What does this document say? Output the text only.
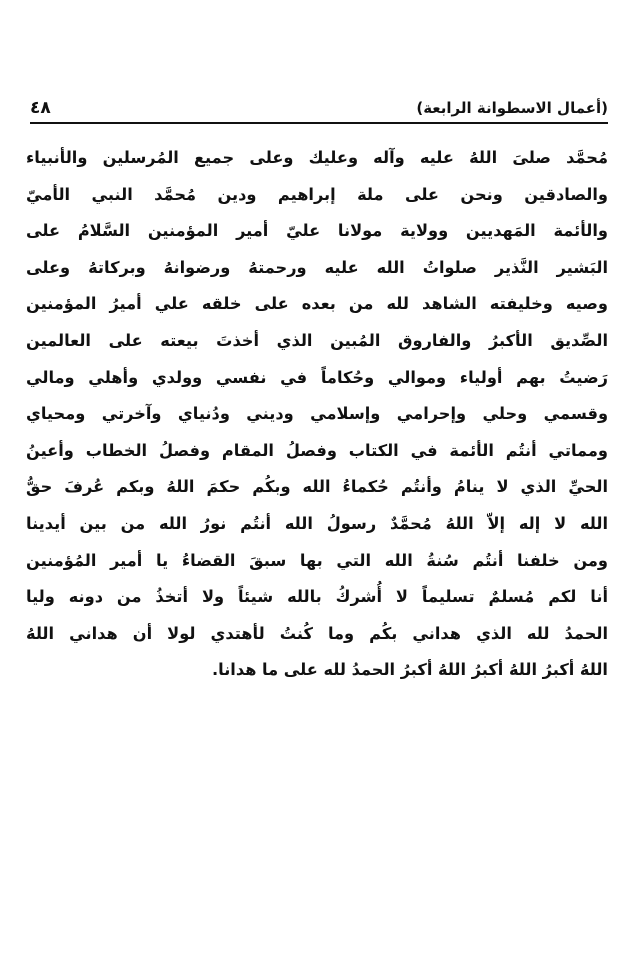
٤٨	(أعمال الاسطوانة الرابعة)
مُحمَّد صلىَ اللهُ عليه وآله وعليك وعلى جميع المُرسلين والأنبياء
والصادقين ونحن على ملة إبراهيم ودين مُحمَّد النبي الأميّ
والأئمة المَهديين وولاية مولانا عليّ أمير المؤمنين السَّلامُ على
البَشير النَّذير صلواتُ الله عليه ورحمتهُ ورضوانهُ وبركاتهُ وعلى
وصيه وخليفته الشاهد لله من بعده على خلقه علي أميرُ المؤمنين
الصِّديق الأكبرُ والفاروق المُبين الذي أخذتَ بيعته على العالمين
رَضيتُ بهم أولياء وموالي وحُكاماً في نفسي وولدي وأهلي ومالي
وقسمي وحلي وإحرامي وإسلامي وديني ودُنياي وآخرتي ومحياي
ومماتي أنتُم الأئمة في الكتاب وفصلُ المقام وفصلُ الخطاب وأعينُ
الحيِّ الذي لا ينامُ وأنتُم حُكماءُ الله وبكُم حكمَ اللهُ وبكم عُرفَ حقُّ
الله لا إله إلاّ اللهُ مُحمَّدٌ رسولُ الله أنتُم نورُ الله من بين أيدينا
ومن خلفنا أنتُم سُنةُ الله التي بها سبقَ القضاءُ يا أمير المُؤمنين
أنا لكم مُسلمٌ تسليماً لا أُشركُ بالله شيئاً ولا أتخذُ من دونه وليا
الحمدُ لله الذي هداني بكُم وما كُنتُ لأهتدي لولا أن هداني اللهُ
اللهُ أكبرُ اللهُ أكبرُ اللهُ أكبرُ الحمدُ لله على ما هدانا.
